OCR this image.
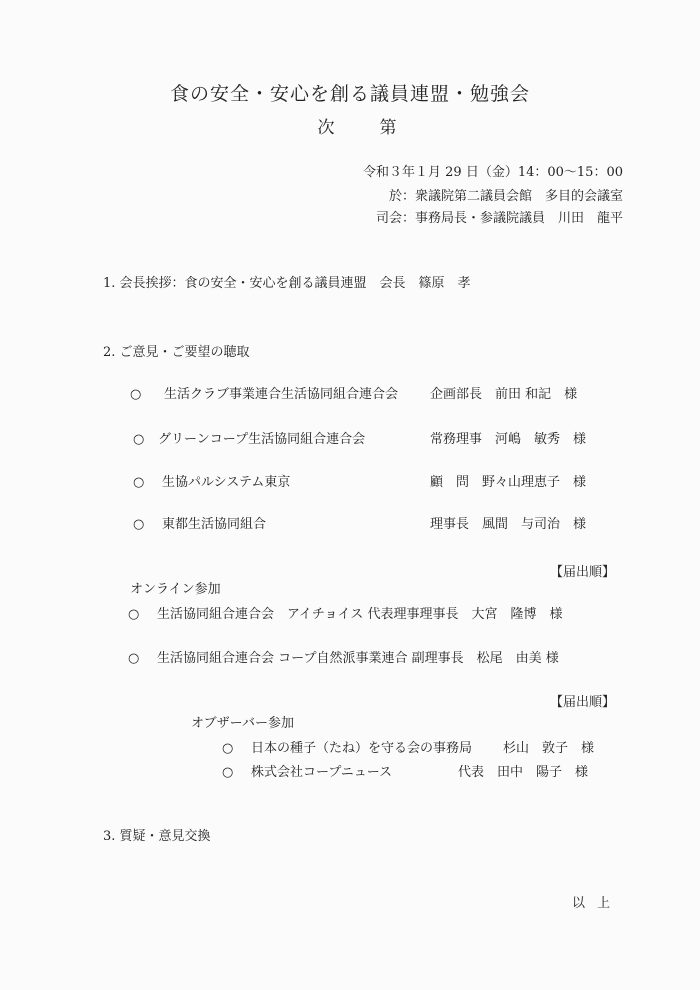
食の安全・安心を創る議員連盟・勉強会
次　第
令和３年１月 29 日（金）14：00～15：00
於：衆議院第二議員会館　多目的会議室
司会：事務局長・参議院議員　川田　龍平
1. 会長挨拶：食の安全・安心を創る議員連盟　会長　篠原　孝
2. ご意見・ご要望の聴取
○ 生活クラブ事業連合生活協同組合連合会 企画部長　前田 和記　様
○ グリーンコープ生活協同組合連合会	常務理事　河嶋　敏秀　様
○ 生協パルシステム東京	顧　問　野々山理恵子　様
○ 東都生活協同組合	理事長　風間　与司治　様
【届出順】
オンライン参加
○ 生活協同組合連合会　アイチョイス 代表理事理事長　大宮　隆博　様
○ 生活協同組合連合会 コープ自然派事業連合 副理事長　松尾　由美 様
【届出順】
オブザーバー参加
○ 日本の種子（たね）を守る会の事務局 杉山　敦子　様
○ 株式会社コープニュース	代表　田中　陽子　様
3. 質疑・意見交換
以上
